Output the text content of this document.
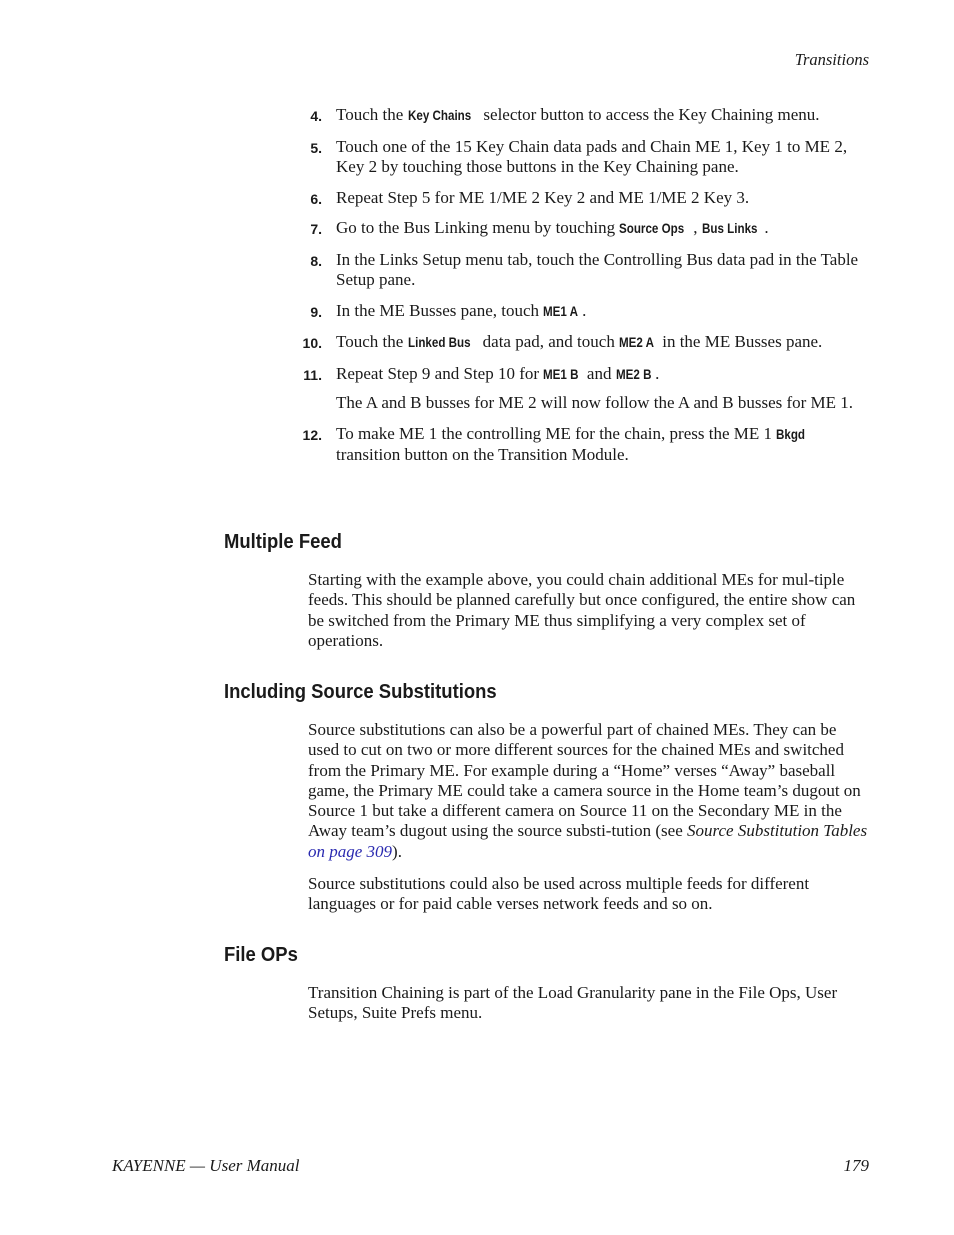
Transitions
4. Touch the Key Chains selector button to access the Key Chaining menu.
5. Touch one of the 15 Key Chain data pads and Chain ME 1, Key 1 to ME 2, Key 2 by touching those buttons in the Key Chaining pane.
6. Repeat Step 5 for ME 1/ME 2 Key 2 and ME 1/ME 2 Key 3.
7. Go to the Bus Linking menu by touching Source Ops , Bus Links .
8. In the Links Setup menu tab, touch the Controlling Bus data pad in the Table Setup pane.
9. In the ME Busses pane, touch ME1 A .
10. Touch the Linked Bus data pad, and touch ME2 A in the ME Busses pane.
11. Repeat Step 9 and Step 10 for ME1 B and ME2 B .
The A and B busses for ME 2 will now follow the A and B busses for ME 1.
12. To make ME 1 the controlling ME for the chain, press the ME 1 Bkgd transition button on the Transition Module.
Multiple Feed

Starting with the example above, you could chain additional MEs for mul-tiple feeds. This should be planned carefully but once configured, the entire show can be switched from the Primary ME thus simplifying a very complex set of operations.

Including Source Substitutions

Source substitutions can also be a powerful part of chained MEs. They can be used to cut on two or more different sources for the chained MEs and switched from the Primary ME. For example during a “Home” verses “Away” baseball game, the Primary ME could take a camera source in the Home team’s dugout on Source 1 but take a different camera on Source 11 on the Secondary ME in the Away team’s dugout using the source substi-tution (see Source Substitution Tables on page 309).

Source substitutions could also be used across multiple feeds for different languages or for paid cable verses network feeds and so on.

File OPs

Transition Chaining is part of the Load Granularity pane in the File Ops, User Setups, Suite Prefs menu.

KAYENNE — User Manual	179
